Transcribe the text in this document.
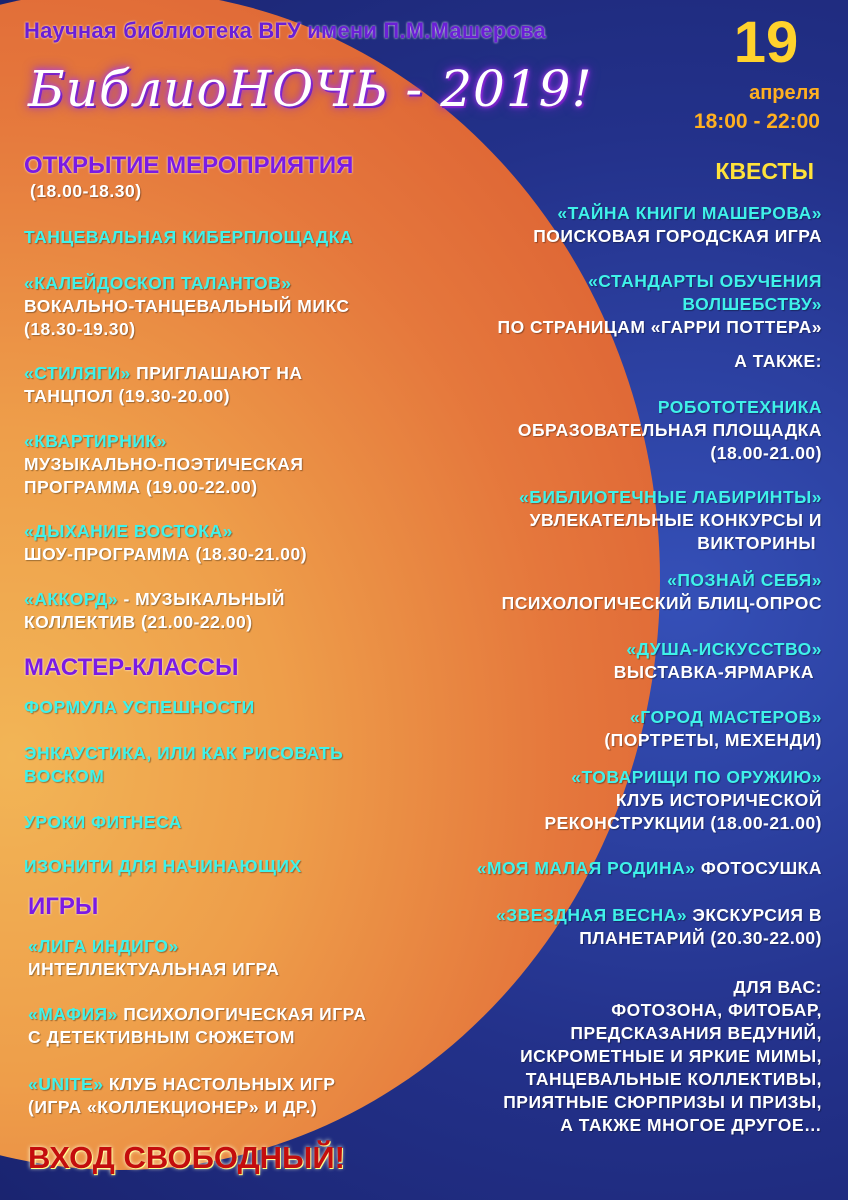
Научная библиотека ВГУ имени П.М.Машерова
БиблиоНОЧЬ - 2019!
19
апреля
18:00 - 22:00
ОТКРЫТИЕ МЕРОПРИЯТИЯ
(18.00-18.30)
ТАНЦЕВАЛЬНАЯ КИБЕРПЛОЩАДКА
«КАЛЕЙДОСКОП ТАЛАНТОВ»
ВОКАЛЬНО-ТАНЦЕВАЛЬНЫЙ МИКС
(18.30-19.30)
«СТИЛЯГИ» ПРИГЛАШАЮТ НА
ТАНЦПОЛ (19.30-20.00)
«КВАРТИРНИК»
МУЗЫКАЛЬНО-ПОЭТИЧЕСКАЯ
ПРОГРАММА (19.00-22.00)
«ДЫХАНИЕ ВОСТОКА»
ШОУ-ПРОГРАММА (18.30-21.00)
«АККОРД» - МУЗЫКАЛЬНЫЙ
КОЛЛЕКТИВ (21.00-22.00)
МАСТЕР-КЛАССЫ
ФОРМУЛА УСПЕШНОСТИ
ЭНКАУСТИКА, ИЛИ КАК РИСОВАТЬ
ВОСКОМ
УРОКИ ФИТНЕСА
ИЗОНИТИ ДЛЯ НАЧИНАЮЩИХ
ИГРЫ
«ЛИГА ИНДИГО»
ИНТЕЛЛЕКТУАЛЬНАЯ ИГРА
«МАФИЯ» ПСИХОЛОГИЧЕСКАЯ ИГРА
С ДЕТЕКТИВНЫМ СЮЖЕТОМ
«UNITE» КЛУБ НАСТОЛЬНЫХ ИГР
(ИГРА «КОЛЛЕКЦИОНЕР» И ДР.)
ВХОД СВОБОДНЫЙ!
КВЕСТЫ
«ТАЙНА КНИГИ МАШЕРОВА»
ПОИСКОВАЯ ГОРОДСКАЯ ИГРА
«СТАНДАРТЫ ОБУЧЕНИЯ
ВОЛШЕБСТВУ»
ПО СТРАНИЦАМ «ГАРРИ ПОТТЕРА»
А ТАКЖЕ:
РОБОТОТЕХНИКА
ОБРАЗОВАТЕЛЬНАЯ ПЛОЩАДКА
(18.00-21.00)
«БИБЛИОТЕЧНЫЕ ЛАБИРИНТЫ»
УВЛЕКАТЕЛЬНЫЕ КОНКУРСЫ И
ВИКТОРИНЫ
«ПОЗНАЙ СЕБЯ»
ПСИХОЛОГИЧЕСКИЙ БЛИЦ-ОПРОС
«ДУША-ИСКУССТВО»
ВЫСТАВКА-ЯРМАРКА
«ГОРОД МАСТЕРОВ»
(ПОРТРЕТЫ, МЕХЕНДИ)
«ТОВАРИЩИ ПО ОРУЖИЮ»
КЛУБ ИСТОРИЧЕСКОЙ
РЕКОНСТРУКЦИИ (18.00-21.00)
«МОЯ МАЛАЯ РОДИНА» ФОТОСУШКА
«ЗВЕЗДНАЯ ВЕСНА» ЭКСКУРСИЯ В
ПЛАНЕТАРИЙ (20.30-22.00)
ДЛЯ ВАС:
ФОТОЗОНА, ФИТОБАР,
ПРЕДСКАЗАНИЯ ВЕДУНИЙ,
ИСКРОМЕТНЫЕ И ЯРКИЕ МИМЫ,
ТАНЦЕВАЛЬНЫЕ КОЛЛЕКТИВЫ,
ПРИЯТНЫЕ СЮРПРИЗЫ И ПРИЗЫ,
А ТАКЖЕ МНОГОЕ ДРУГОЕ…
